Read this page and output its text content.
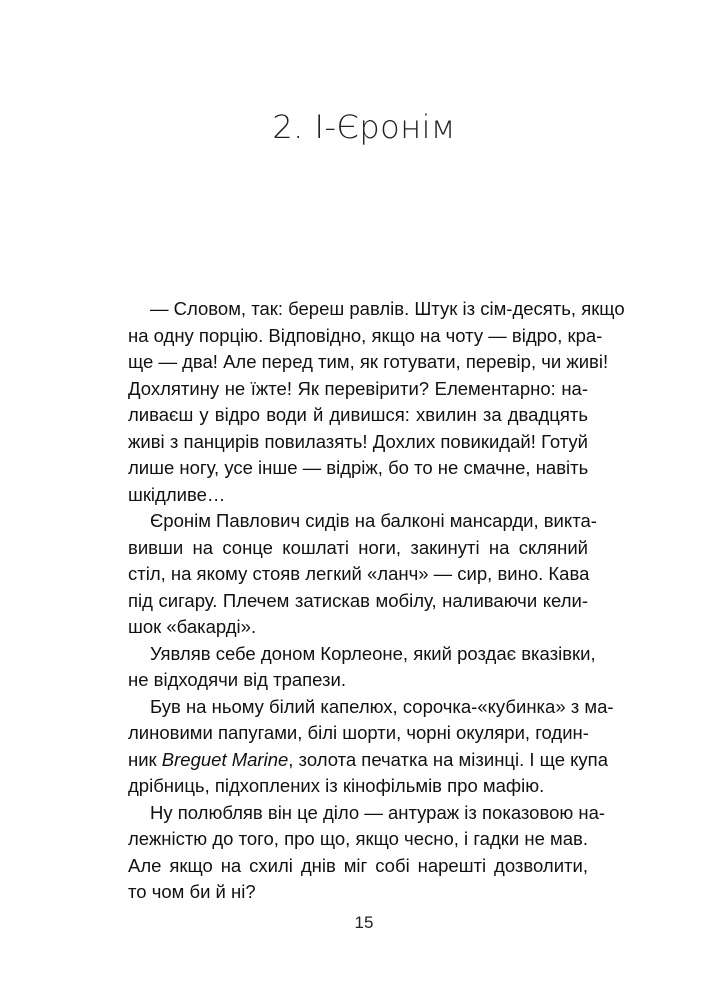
2. І-Єронім
— Словом, так: береш равлів. Штук із сім-десять, якщо
на одну порцію. Відповідно, якщо на чоту — відро, кра-
ще — два! Але перед тим, як готувати, перевір, чи живі!
Дохлятину не їжте! Як перевірити? Елементарно: на-
ливаєш у відро води й дивишся: хвилин за двадцять
живі з панцирів повилазять! Дохлих повикидай! Готуй
лише ногу, усе інше — відріж, бо то не смачне, навіть
шкідливе…
Єронім Павлович сидів на балконі мансарди, викта-
вивши на сонце кошлаті ноги, закинуті на скляний
стіл, на якому стояв легкий «ланч» — сир, вино. Кава
під сигару. Плечем затискав мобілу, наливаючи кели-
шок «бакарді».
Уявляв себе доном Корлеоне, який роздає вказівки,
не відходячи від трапези.
Був на ньому білий капелюх, сорочка-«кубинка» з ма-
линовими папугами, білі шорти, чорні окуляри, годин-
ник Breguet Marine, золота печатка на мізинці. І ще купа
дрібниць, підхоплених із кінофільмів про мафію.
Ну полюбляв він це діло — антураж із показовою на-
лежністю до того, про що, якщо чесно, і гадки не мав.
Але якщо на схилі днів міг собі нарешті дозволити,
то чом би й ні?
15
